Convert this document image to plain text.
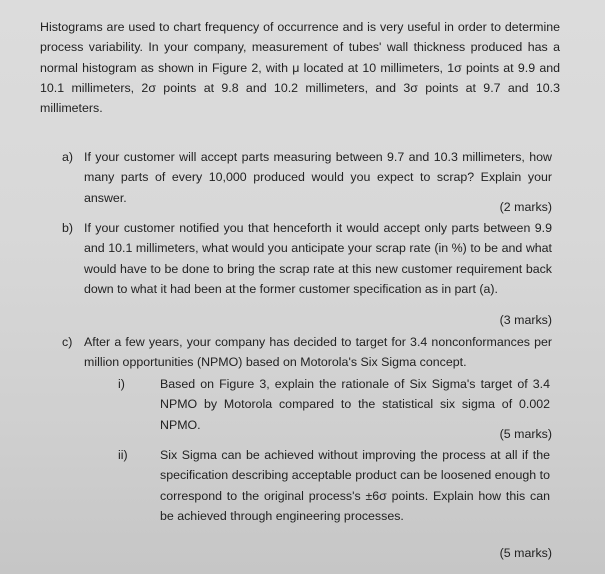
Histograms are used to chart frequency of occurrence and is very useful in order to determine process variability. In your company, measurement of tubes' wall thickness produced has a normal histogram as shown in Figure 2, with μ located at 10 millimeters, 1σ points at 9.9 and 10.1 millimeters, 2σ points at 9.8 and 10.2 millimeters, and 3σ points at 9.7 and 10.3 millimeters.
a) If your customer will accept parts measuring between 9.7 and 10.3 millimeters, how many parts of every 10,000 produced would you expect to scrap? Explain your answer.
(2 marks)
b) If your customer notified you that henceforth it would accept only parts between 9.9 and 10.1 millimeters, what would you anticipate your scrap rate (in %) to be and what would have to be done to bring the scrap rate at this new customer requirement back down to what it had been at the former customer specification as in part (a).
(3 marks)
c) After a few years, your company has decided to target for 3.4 nonconformances per million opportunities (NPMO) based on Motorola's Six Sigma concept.
i)	Based on Figure 3, explain the rationale of Six Sigma's target of 3.4 NPMO by Motorola compared to the statistical six sigma of 0.002 NPMO.
(5 marks)
ii)	Six Sigma can be achieved without improving the process at all if the specification describing acceptable product can be loosened enough to correspond to the original process's ±6σ points. Explain how this can be achieved through engineering processes.
(5 marks)
